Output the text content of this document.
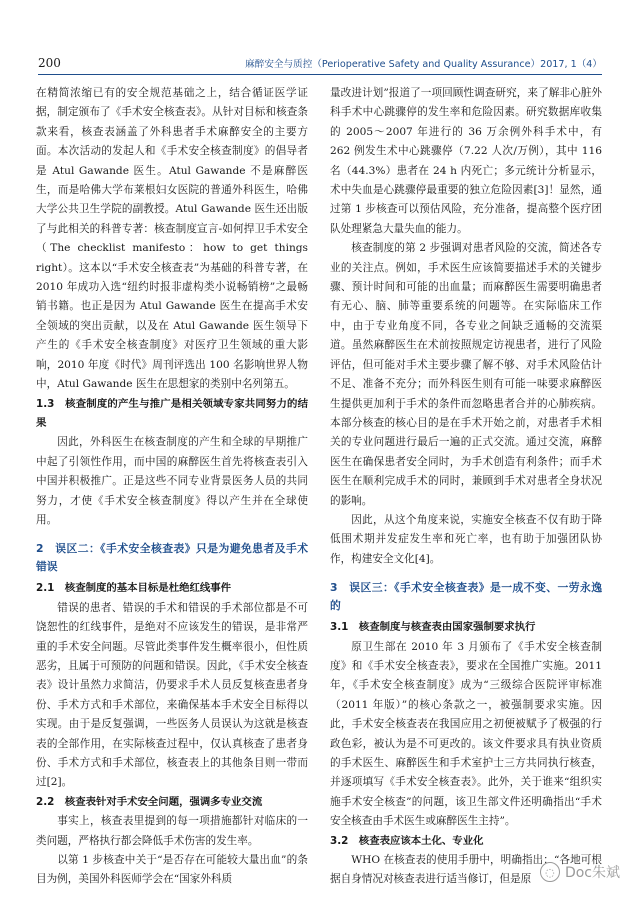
200	麻醉安全与质控（Perioperative Safety and Quality Assurance）2017, 1（4）

在精简浓缩已有的安全规范基础之上，结合循证医学证据，制定颁布了《手术安全核查表》。从针对目标和核查条款来看，核查表涵盖了外科患者手术麻醉安全的主要方面。本次活动的发起人和《手术安全核查制度》的倡导者是 Atul Gawande 医生。Atul Gawande 不是麻醉医生，而是哈佛大学布莱根妇女医院的普通外科医生，哈佛大学公共卫生学院的副教授。Atul Gawande 医生还出版了与此相关的科普专著：核查制度宣言-如何捍卫手术安全（The checklist manifesto：how to get things right）。这本以“手术安全核查表”为基础的科普专著，在 2010 年成功入选“纽约时报非虚构类小说畅销榜”之最畅销书籍。也正是因为 Atul Gawande 医生在提高手术安全领域的突出贡献，以及在 Atul Gawande 医生领导下产生的《手术安全核查制度》对医疗卫生领域的重大影响，2010 年度《时代》周刊评选出 100 名影响世界人物中，Atul Gawande 医生在思想家的类别中名列第五。

1.3　核查制度的产生与推广是相关领域专家共同努力的结果

因此，外科医生在核查制度的产生和全球的早期推广中起了引领性作用，而中国的麻醉医生首先将核查表引入中国并积极推广。正是这些不同专业背景医务人员的共同努力，才使《手术安全核查制度》得以产生并在全球使用。

2　误区二：《手术安全核查表》只是为避免患者及手术错误
2.1　核查制度的基本目标是杜绝红线事件

错误的患者、错误的手术和错误的手术部位都是不可饶恕性的红线事件，是绝对不应该发生的错误，是非常严重的手术安全问题。尽管此类事件发生概率很小，但性质恶劣，且属于可预防的问题和错误。因此，《手术安全核查表》设计虽然力求简洁，仍要求手术人员反复核查患者身份、手术方式和手术部位，来确保基本手术安全目标得以实现。由于是反复强调，一些医务人员误认为这就是核查表的全部作用，在实际核查过程中，仅认真核查了患者身份、手术方式和手术部位，核查表上的其他条目则一带而过[2]。

2.2　核查表针对手术安全问题，强调多专业交流

事实上，核查表里提到的每一项措施都针对临床的一类问题，严格执行都会降低手术伤害的发生率。

以第 1 步核查中关于“是否存在可能较大量出血”的条目为例，美国外科医师学会在“国家外科质

量改进计划”报道了一项回顾性调查研究，来了解非心脏外科手术中心跳骤停的发生率和危险因素。研究数据库收集的 2005～2007 年进行的 36 万余例外科手术中，有 262 例发生术中心跳骤停（7.22 人次/万例），其中 116 名（44.3%）患者在 24 h 内死亡；多元统计分析显示，术中失血是心跳骤停最重要的独立危险因素[3]！显然，通过第 1 步核查可以预估风险，充分准备，提高整个医疗团队处理紧急大量失血的能力。

核查制度的第 2 步强调对患者风险的交流，简述各专业的关注点。例如，手术医生应该简要描述手术的关键步骤、预计时间和可能的出血量；而麻醉医生需要明确患者有无心、脑、肺等重要系统的问题等。在实际临床工作中，由于专业角度不同，各专业之间缺乏通畅的交流渠道。虽然麻醉医生在术前按照规定访视患者，进行了风险评估，但可能对手术主要步骤了解不够、对手术风险估计不足、准备不充分；而外科医生则有可能一味要求麻醉医生提供更加利于手术的条件而忽略患者合并的心肺疾病。本部分核查的核心目的是在手术开始之前，对患者手术相关的专业问题进行最后一遍的正式交流。通过交流，麻醉医生在确保患者安全同时，为手术创造有利条件；而手术医生在顺利完成手术的同时，兼顾到手术对患者全身状况的影响。

因此，从这个角度来说，实施安全核查不仅有助于降低围术期并发症发生率和死亡率，也有助于加强团队协作，构建安全文化[4]。

3　误区三：《手术安全核查表》是一成不变、一劳永逸的
3.1　核查制度与核查表由国家强制要求执行

原卫生部在 2010 年 3 月颁布了《手术安全核查制度》和《手术安全核查表》，要求在全国推广实施。2011 年，《手术安全核查制度》成为“三级综合医院评审标准（2011 年版）”的核心条款之一，被强制要求实施。因此，手术安全核查表在我国应用之初便被赋予了极强的行政色彩，被认为是不可更改的。该文件要求具有执业资质的手术医生、麻醉医生和手术室护士三方共同执行核查，并逐项填写《手术安全核查表》。此外，关于谁来“组织实施手术安全核查”的问题，该卫生部文件还明确指出“手术安全核查由手术医生或麻醉医生主持”。

3.2　核查表应该本土化、专业化

WHO 在核查表的使用手册中，明确指出：“各地可根据自身情况对核查表进行适当修订，但是原

◌ Doc朱斌
